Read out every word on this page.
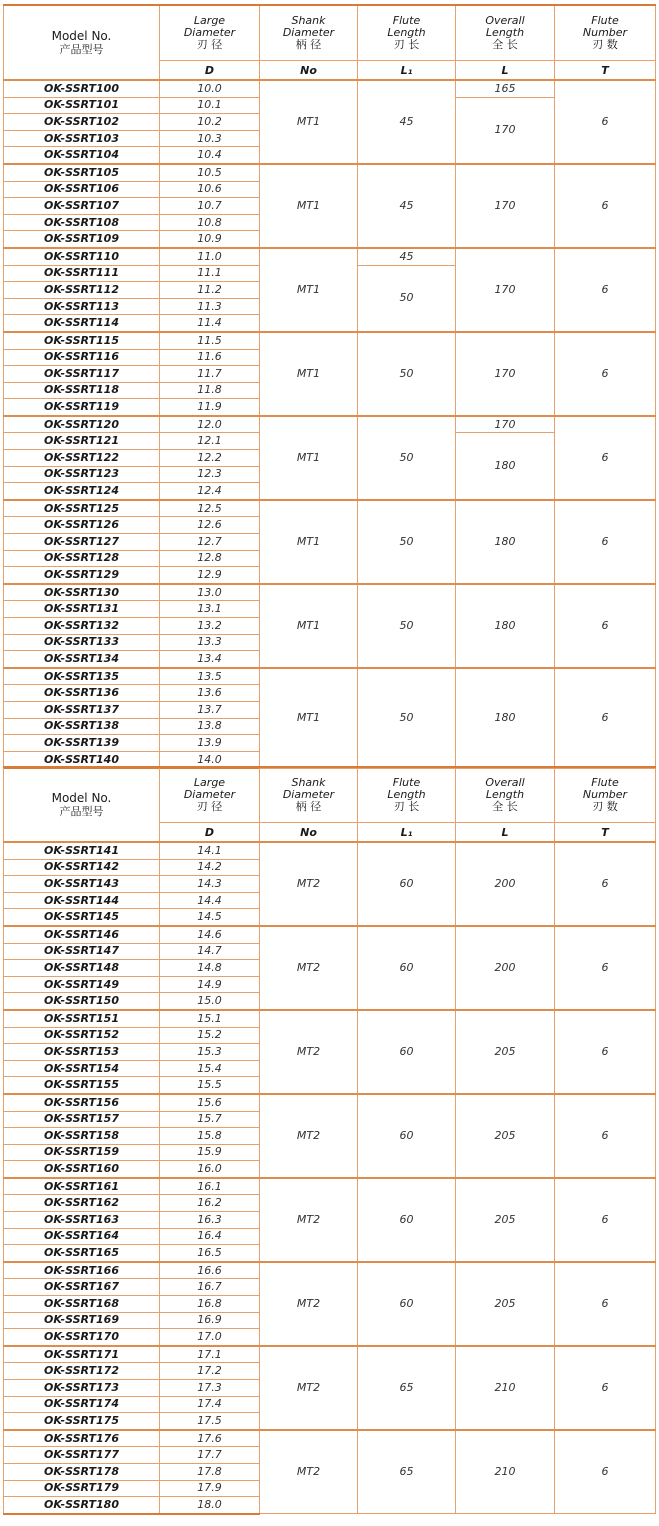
Model No.
产品型号	Large
Diameter
刃 径	Shank
Diameter
柄 径	Flute
Length
刃 长	Overall
Length
全 长	Flute
Number
刃 数

	D	No	L₁	L	T
OK-SSRT100	10.0	MT1	45	165	6
OK-SSRT101	10.1			170	
OK-SSRT102	10.2				
OK-SSRT103	10.3				
OK-SSRT104	10.4				
OK-SSRT105	10.5	MT1	45	170	6
OK-SSRT106	10.6				
OK-SSRT107	10.7				
OK-SSRT108	10.8				
OK-SSRT109	10.9				
OK-SSRT110	11.0	MT1	45	170	6
OK-SSRT111	11.1		50		
OK-SSRT112	11.2				
OK-SSRT113	11.3				
OK-SSRT114	11.4				
OK-SSRT115	11.5	MT1	50	170	6
OK-SSRT116	11.6				
OK-SSRT117	11.7				
OK-SSRT118	11.8				
OK-SSRT119	11.9				
OK-SSRT120	12.0	MT1	50	170	6
OK-SSRT121	12.1			180	
OK-SSRT122	12.2				
OK-SSRT123	12.3				
OK-SSRT124	12.4				
OK-SSRT125	12.5	MT1	50	180	6
OK-SSRT126	12.6				
OK-SSRT127	12.7				
OK-SSRT128	12.8				
OK-SSRT129	12.9				
OK-SSRT130	13.0	MT1	50	180	6
OK-SSRT131	13.1				
OK-SSRT132	13.2				
OK-SSRT133	13.3				
OK-SSRT134	13.4				
OK-SSRT135	13.5	MT1	50	180	6
OK-SSRT136	13.6				
OK-SSRT137	13.7				
OK-SSRT138	13.8				
OK-SSRT139	13.9				
OK-SSRT140	14.0				
Model No.
产品型号	Large
Diameter
刃 径	Shank
Diameter
柄 径	Flute
Length
刃 长	Overall
Length
全 长	Flute
Number
刃 数

	D	No	L₁	L	T
OK-SSRT141	14.1	MT2	60	200	6
OK-SSRT142	14.2				
OK-SSRT143	14.3				
OK-SSRT144	14.4				
OK-SSRT145	14.5				
OK-SSRT146	14.6	MT2	60	200	6
OK-SSRT147	14.7				
OK-SSRT148	14.8				
OK-SSRT149	14.9				
OK-SSRT150	15.0				
OK-SSRT151	15.1	MT2	60	205	6
OK-SSRT152	15.2				
OK-SSRT153	15.3				
OK-SSRT154	15.4				
OK-SSRT155	15.5				
OK-SSRT156	15.6	MT2	60	205	6
OK-SSRT157	15.7				
OK-SSRT158	15.8				
OK-SSRT159	15.9				
OK-SSRT160	16.0				
OK-SSRT161	16.1	MT2	60	205	6
OK-SSRT162	16.2				
OK-SSRT163	16.3				
OK-SSRT164	16.4				
OK-SSRT165	16.5				
OK-SSRT166	16.6	MT2	60	205	6
OK-SSRT167	16.7				
OK-SSRT168	16.8				
OK-SSRT169	16.9				
OK-SSRT170	17.0				
OK-SSRT171	17.1	MT2	65	210	6
OK-SSRT172	17.2				
OK-SSRT173	17.3				
OK-SSRT174	17.4				
OK-SSRT175	17.5				
OK-SSRT176	17.6	MT2	65	210	6
OK-SSRT177	17.7				
OK-SSRT178	17.8				
OK-SSRT179	17.9				
OK-SSRT180	18.0				
